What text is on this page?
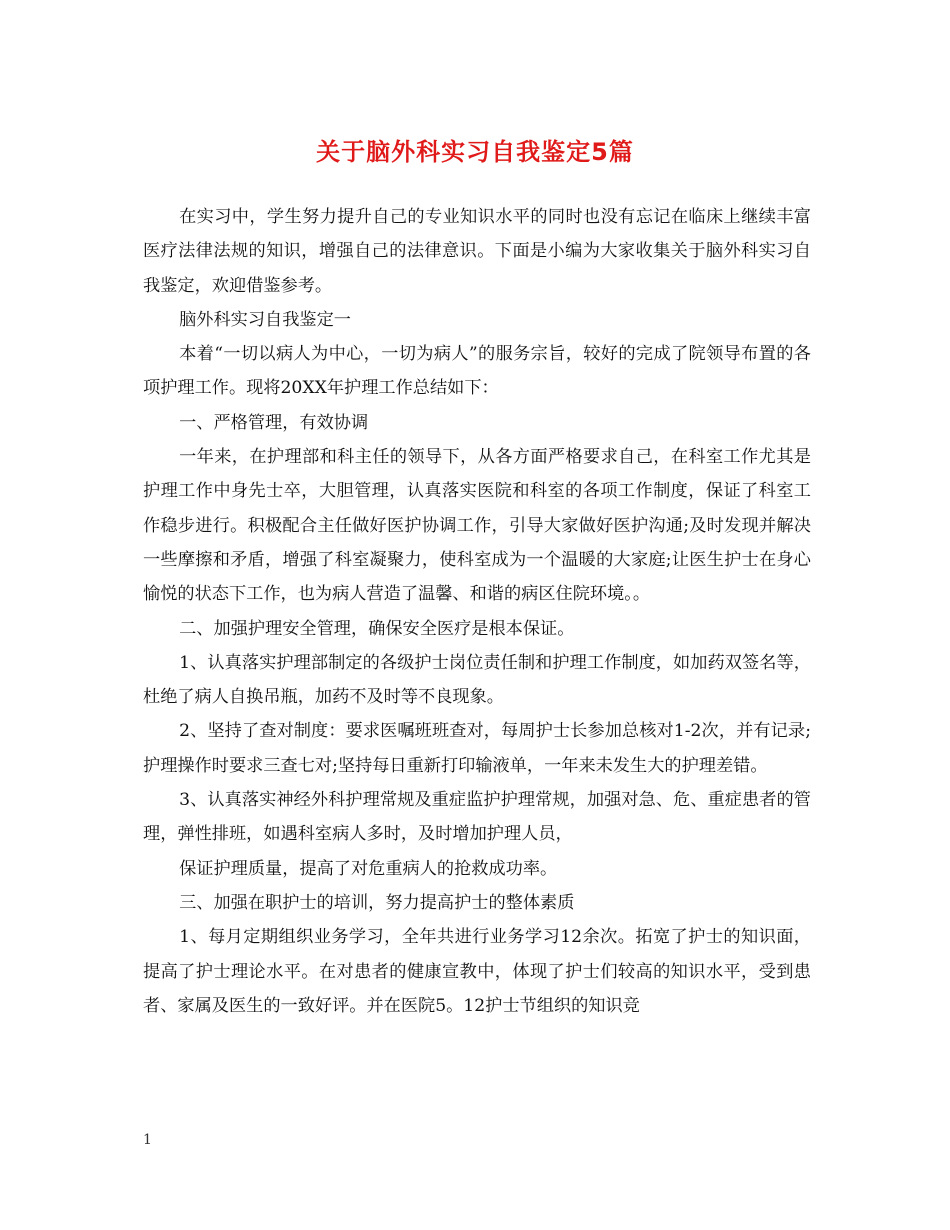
关于脑外科实习自我鉴定5篇

在实习中，学生努力提升自己的专业知识水平的同时也没有忘记在临床上继续丰富医疗法律法规的知识，增强自己的法律意识。下面是小编为大家收集关于脑外科实习自我鉴定，欢迎借鉴参考。

脑外科实习自我鉴定一

本着“一切以病人为中心，一切为病人”的服务宗旨，较好的完成了院领导布置的各项护理工作。现将20XX年护理工作总结如下：

一、严格管理，有效协调

一年来，在护理部和科主任的领导下，从各方面严格要求自己，在科室工作尤其是护理工作中身先士卒，大胆管理，认真落实医院和科室的各项工作制度，保证了科室工作稳步进行。积极配合主任做好医护协调工作，引导大家做好医护沟通;及时发现并解决一些摩擦和矛盾，增强了科室凝聚力，使科室成为一个温暖的大家庭;让医生护士在身心愉悦的状态下工作，也为病人营造了温馨、和谐的病区住院环境。。

二、加强护理安全管理，确保安全医疗是根本保证。

1、认真落实护理部制定的各级护士岗位责任制和护理工作制度，如加药双签名等，杜绝了病人自换吊瓶，加药不及时等不良现象。

2、坚持了查对制度：要求医嘱班班查对，每周护士长参加总核对1-2次，并有记录;护理操作时要求三查七对;坚持每日重新打印输液单，一年来未发生大的护理差错。

3、认真落实神经外科护理常规及重症监护护理常规，加强对急、危、重症患者的管理，弹性排班，如遇科室病人多时，及时增加护理人员，

保证护理质量，提高了对危重病人的抢救成功率。

三、加强在职护士的培训，努力提高护士的整体素质

1、每月定期组织业务学习，全年共进行业务学习12余次。拓宽了护士的知识面，提高了护士理论水平。在对患者的健康宣教中，体现了护士们较高的知识水平，受到患者、家属及医生的一致好评。并在医院5。12护士节组织的知识竞

1
